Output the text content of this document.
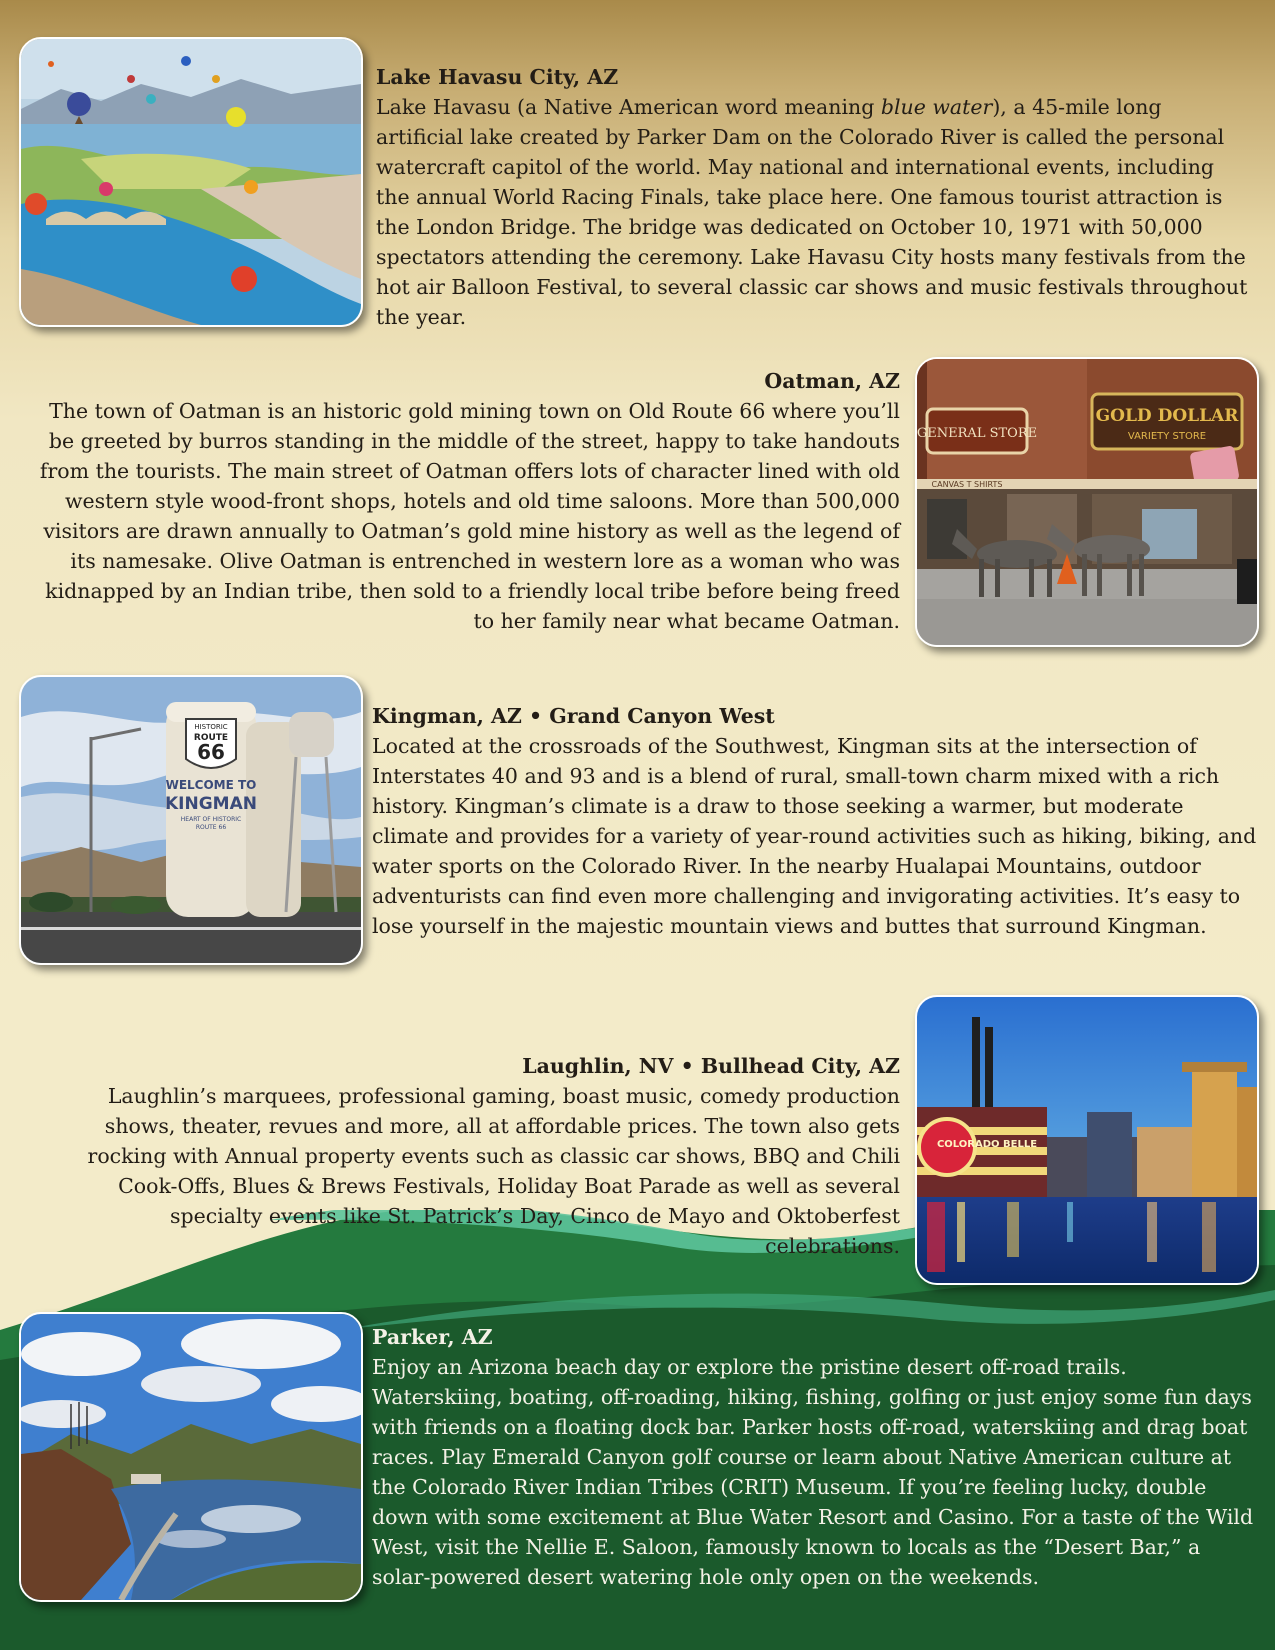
Lake Havasu City, AZ

Lake Havasu (a Native American word meaning blue water), a 45-mile long artificial lake created by Parker Dam on the Colorado River is called the personal watercraft capitol of the world. May national and international events, including the annual World Racing Finals, take place here. One famous tourist attraction is the London Bridge. The bridge was dedicated on October 10, 1971 with 50,000 spectators attending the ceremony. Lake Havasu City hosts many festivals from the hot air Balloon Festival, to several classic car shows and music festivals throughout the year.

Oatman, AZ

The town of Oatman is an historic gold mining town on Old Route 66 where you’ll be greeted by burros standing in the middle of the street, happy to take handouts from the tourists. The main street of Oatman offers lots of character lined with old western style wood-front shops, hotels and old time saloons. More than 500,000 visitors are drawn annually to Oatman’s gold mine history as well as the legend of its namesake. Olive Oatman is entrenched in western lore as a woman who was kidnapped by an Indian tribe, then sold to a friendly local tribe before being freed to her family near what became Oatman.

GENERAL STORE
GOLD DOLLAR
VARIETY STORE
CANVAS T SHIRTS
HISTORIC
ROUTE
66
WELCOME TO
KINGMAN
HEART OF HISTORIC
ROUTE 66
Kingman, AZ • Grand Canyon West

Located at the crossroads of the Southwest, Kingman sits at the intersection of Interstates 40 and 93 and is a blend of rural, small-town charm mixed with a rich history. Kingman’s climate is a draw to those seeking a warmer, but moderate climate and provides for a variety of year-round activities such as hiking, biking, and water sports on the Colorado River. In the nearby Hualapai Mountains, outdoor adventurists can find even more challenging and invigorating activities. It’s easy to lose yourself in the majestic mountain views and buttes that surround Kingman.

Laughlin, NV • Bullhead City, AZ

Laughlin’s marquees, professional gaming, boast music, comedy production shows, theater, revues and more, all at affordable prices. The town also gets rocking with Annual property events such as classic car shows, BBQ and Chili Cook-Offs, Blues & Brews Festivals, Holiday Boat Parade as well as several specialty events like St. Patrick’s Day, Cinco de Mayo and Oktoberfest celebrations.

COLORADO BELLE
Parker, AZ

Enjoy an Arizona beach day or explore the pristine desert off-road trails. Waterskiing, boating, off-roading, hiking, fishing, golfing or just enjoy some fun days with friends on a floating dock bar. Parker hosts off-road, waterskiing and drag boat races. Play Emerald Canyon golf course or learn about Native American culture at the Colorado River Indian Tribes (CRIT) Museum. If you’re feeling lucky, double down with some excitement at Blue Water Resort and Casino. For a taste of the Wild West, visit the Nellie E. Saloon, famously known to locals as the “Desert Bar,” a solar-powered desert watering hole only open on the weekends.
